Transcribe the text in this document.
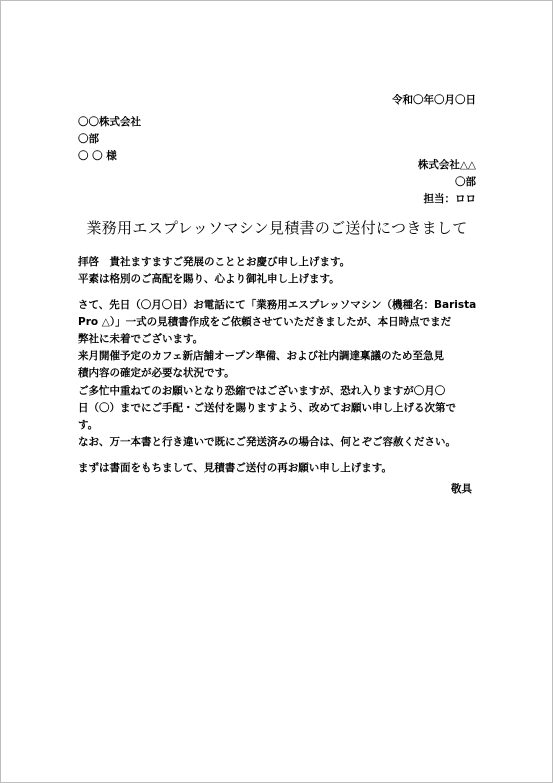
令和〇年〇月〇日
〇〇株式会社
〇部
〇 〇 様
株式会社△△
〇部
担当：ロロ
業務用エスプレッソマシン見積書のご送付につきまして
拝啓　貴社ますますご発展のこととお慶び申し上げます。
平素は格別のご高配を賜り、心より御礼申し上げます。
さて、先日（〇月〇日）お電話にて「業務用エスプレッソマシン（機種名：Barista
Pro △）」一式の見積書作成をご依頼させていただきましたが、本日時点でまだ
弊社に未着でございます。
来月開催予定のカフェ新店舗オープン準備、および社内調達稟議のため至急見
積内容の確定が必要な状況です。
ご多忙中重ねてのお願いとなり恐縮ではございますが、恐れ入りますが〇月〇
日（〇）までにご手配・ご送付を賜りますよう、改めてお願い申し上げる次第で
す。
なお、万一本書と行き違いで既にご発送済みの場合は、何とぞご容赦ください。
まずは書面をもちまして、見積書ご送付の再お願い申し上げます。
敬具
